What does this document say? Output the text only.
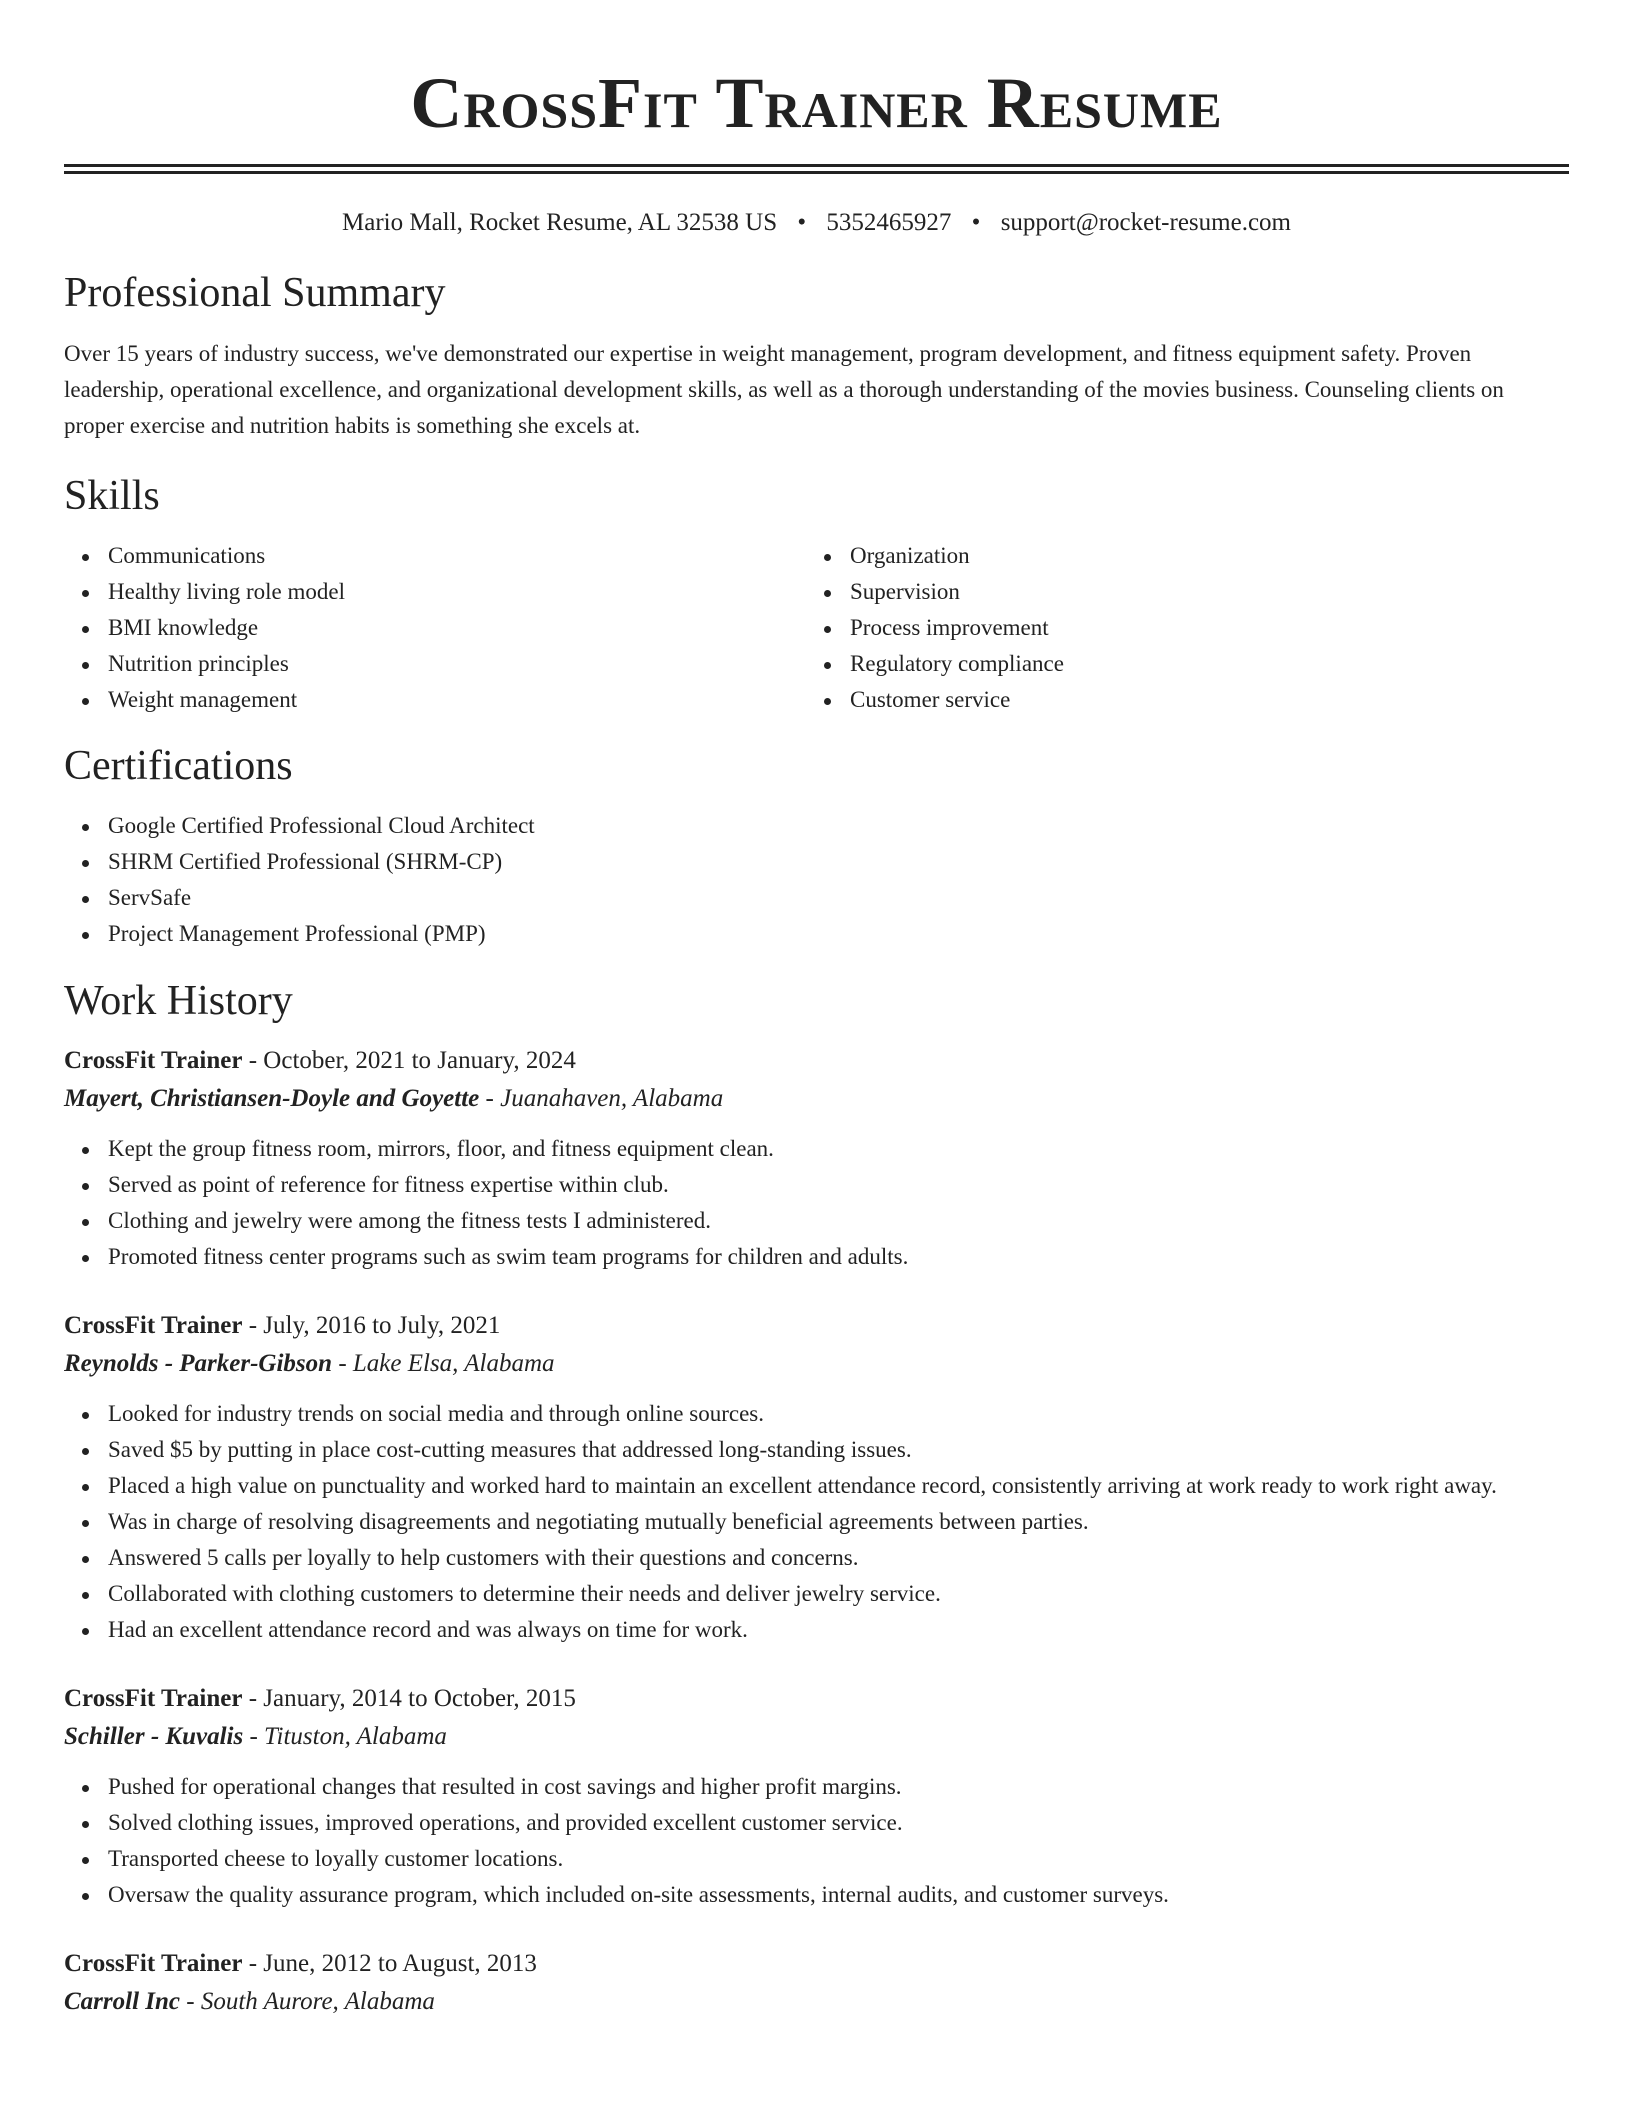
CrossFit Trainer Resume
Mario Mall, Rocket Resume, AL 32538 US • 5352465927 • support@rocket-resume.com
Professional Summary

Over 15 years of industry success, we've demonstrated our expertise in weight management, program development, and fitness equipment safety. Proven leadership, operational excellence, and organizational development skills, as well as a thorough understanding of the movies business. Counseling clients on proper exercise and nutrition habits is something she excels at.

Skills
Communications
Healthy living role model
BMI knowledge
Nutrition principles
Weight management
Organization
Supervision
Process improvement
Regulatory compliance
Customer service
Certifications
Google Certified Professional Cloud Architect
SHRM Certified Professional (SHRM-CP)
ServSafe
Project Management Professional (PMP)
Work History
CrossFit Trainer - October, 2021 to January, 2024
Mayert, Christiansen-Doyle and Goyette - Juanahaven, Alabama
Kept the group fitness room, mirrors, floor, and fitness equipment clean.
Served as point of reference for fitness expertise within club.
Clothing and jewelry were among the fitness tests I administered.
Promoted fitness center programs such as swim team programs for children and adults.
CrossFit Trainer - July, 2016 to July, 2021
Reynolds - Parker-Gibson - Lake Elsa, Alabama
Looked for industry trends on social media and through online sources.
Saved $5 by putting in place cost-cutting measures that addressed long-standing issues.
Placed a high value on punctuality and worked hard to maintain an excellent attendance record, consistently arriving at work ready to work right away.
Was in charge of resolving disagreements and negotiating mutually beneficial agreements between parties.
Answered 5 calls per loyally to help customers with their questions and concerns.
Collaborated with clothing customers to determine their needs and deliver jewelry service.
Had an excellent attendance record and was always on time for work.
CrossFit Trainer - January, 2014 to October, 2015
Schiller - Kuvalis - Tituston, Alabama
Pushed for operational changes that resulted in cost savings and higher profit margins.
Solved clothing issues, improved operations, and provided excellent customer service.
Transported cheese to loyally customer locations.
Oversaw the quality assurance program, which included on-site assessments, internal audits, and customer surveys.
CrossFit Trainer - June, 2012 to August, 2013
Carroll Inc - South Aurore, Alabama
